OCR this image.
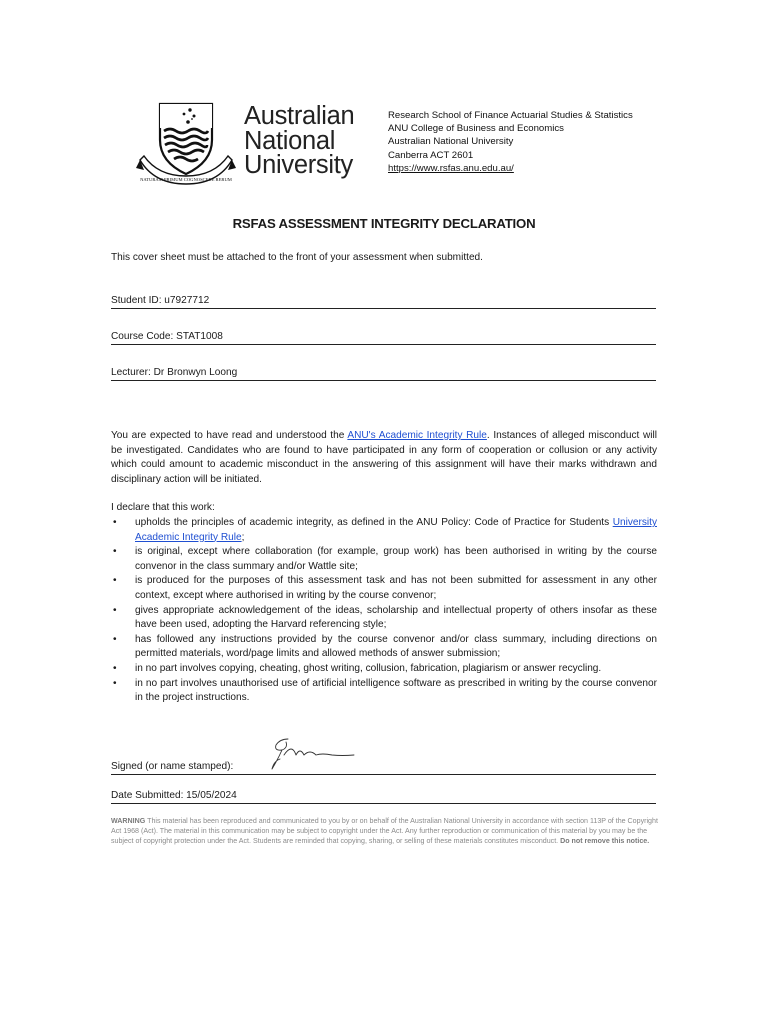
NATURAM PRIMUM COGNOSCERE RERUM
Australian
National
University
Research School of Finance Actuarial Studies & Statistics
ANU College of Business and Economics
Australian National University
Canberra ACT 2601
https://www.rsfas.anu.edu.au/
RSFAS ASSESSMENT INTEGRITY DECLARATION
This cover sheet must be attached to the front of your assessment when submitted.
Student ID: u7927712
Course Code: STAT1008
Lecturer: Dr Bronwyn Loong
You are expected to have read and understood the ANU's Academic Integrity Rule. Instances of alleged misconduct will be investigated. Candidates who are found to have participated in any form of cooperation or collusion or any activity which could amount to academic misconduct in the answering of this assignment will have their marks withdrawn and disciplinary action will be initiated.
I declare that this work:
• upholds the principles of academic integrity, as defined in the ANU Policy: Code of Practice for Students University Academic Integrity Rule;
• is original, except where collaboration (for example, group work) has been authorised in writing by the course convenor in the class summary and/or Wattle site;
• is produced for the purposes of this assessment task and has not been submitted for assessment in any other context, except where authorised in writing by the course convenor;
• gives appropriate acknowledgement of the ideas, scholarship and intellectual property of others insofar as these have been used, adopting the Harvard referencing style;
• has followed any instructions provided by the course convenor and/or class summary, including directions on permitted materials, word/page limits and allowed methods of answer submission;
• in no part involves copying, cheating, ghost writing, collusion, fabrication, plagiarism or answer recycling.
• in no part involves unauthorised use of artificial intelligence software as prescribed in writing by the course convenor in the project instructions.
Signed (or name stamped):
Date Submitted: 15/05/2024
WARNING This material has been reproduced and communicated to you by or on behalf of the Australian National University in accordance with section 113P of the Copyright Act 1968 (Act). The material in this communication may be subject to copyright under the Act. Any further reproduction or communication of this material by you may be the subject of copyright protection under the Act. Students are reminded that copying, sharing, or selling of these materials constitutes misconduct. Do not remove this notice.
